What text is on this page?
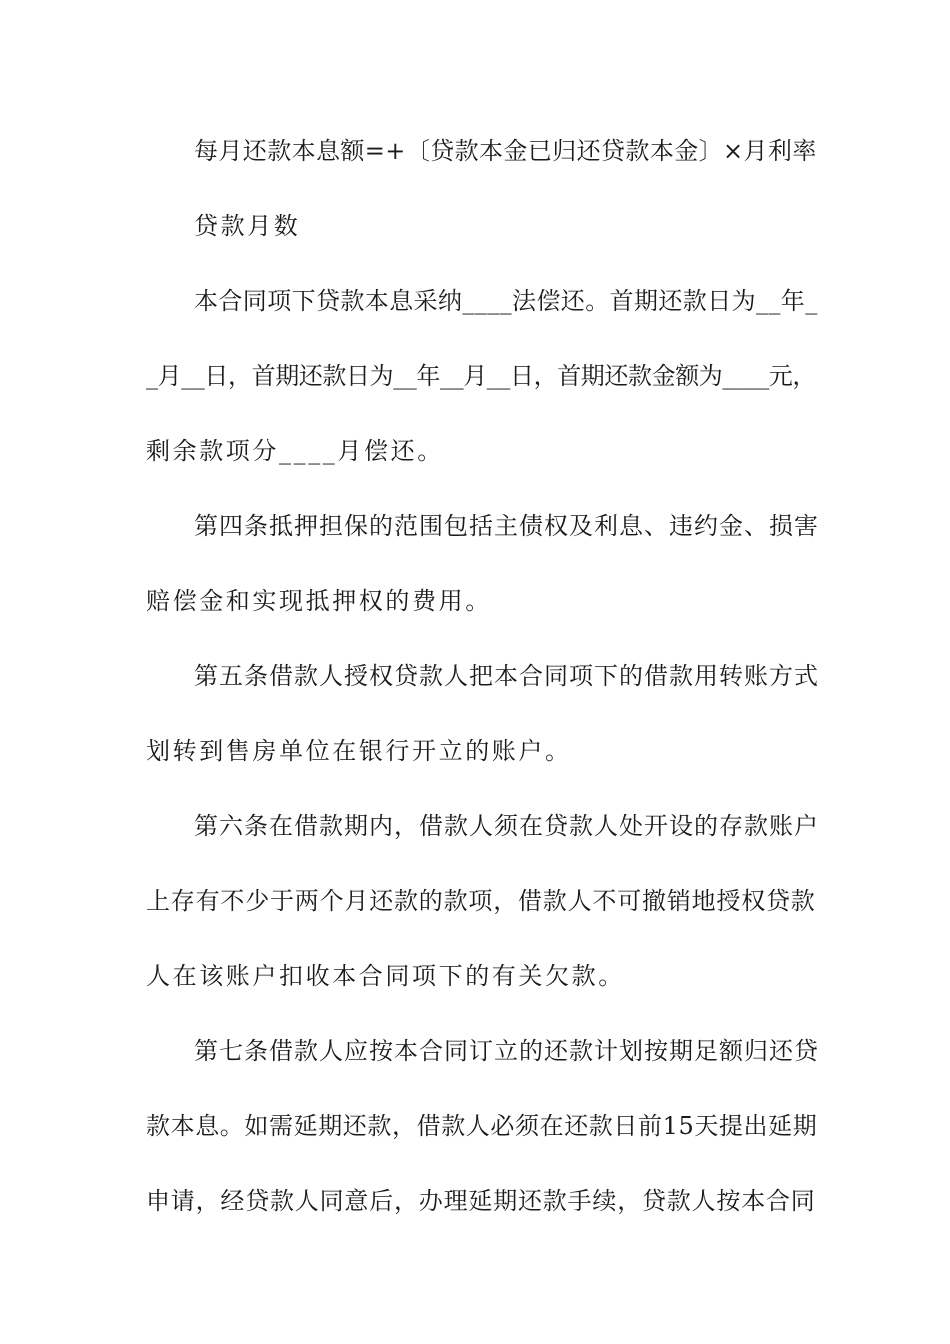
每月还款本息额=+〔贷款本金已归还贷款本金〕×月利率
贷款月数
本合同项下贷款本息采纳____法偿还。首期还款日为__年_
_月__日，首期还款日为__年__月__日，首期还款金额为____元，
剩余款项分____月偿还。
第四条抵押担保的范围包括主债权及利息、违约金、损害
赔偿金和实现抵押权的费用。
第五条借款人授权贷款人把本合同项下的借款用转账方式
划转到售房单位在银行开立的账户。
第六条在借款期内，借款人须在贷款人处开设的存款账户
上存有不少于两个月还款的款项，借款人不可撤销地授权贷款
人在该账户扣收本合同项下的有关欠款。
第七条借款人应按本合同订立的还款计划按期足额归还贷
款本息。如需延期还款，借款人必须在还款日前15天提出延期
申请，经贷款人同意后，办理延期还款手续，贷款人按本合同
